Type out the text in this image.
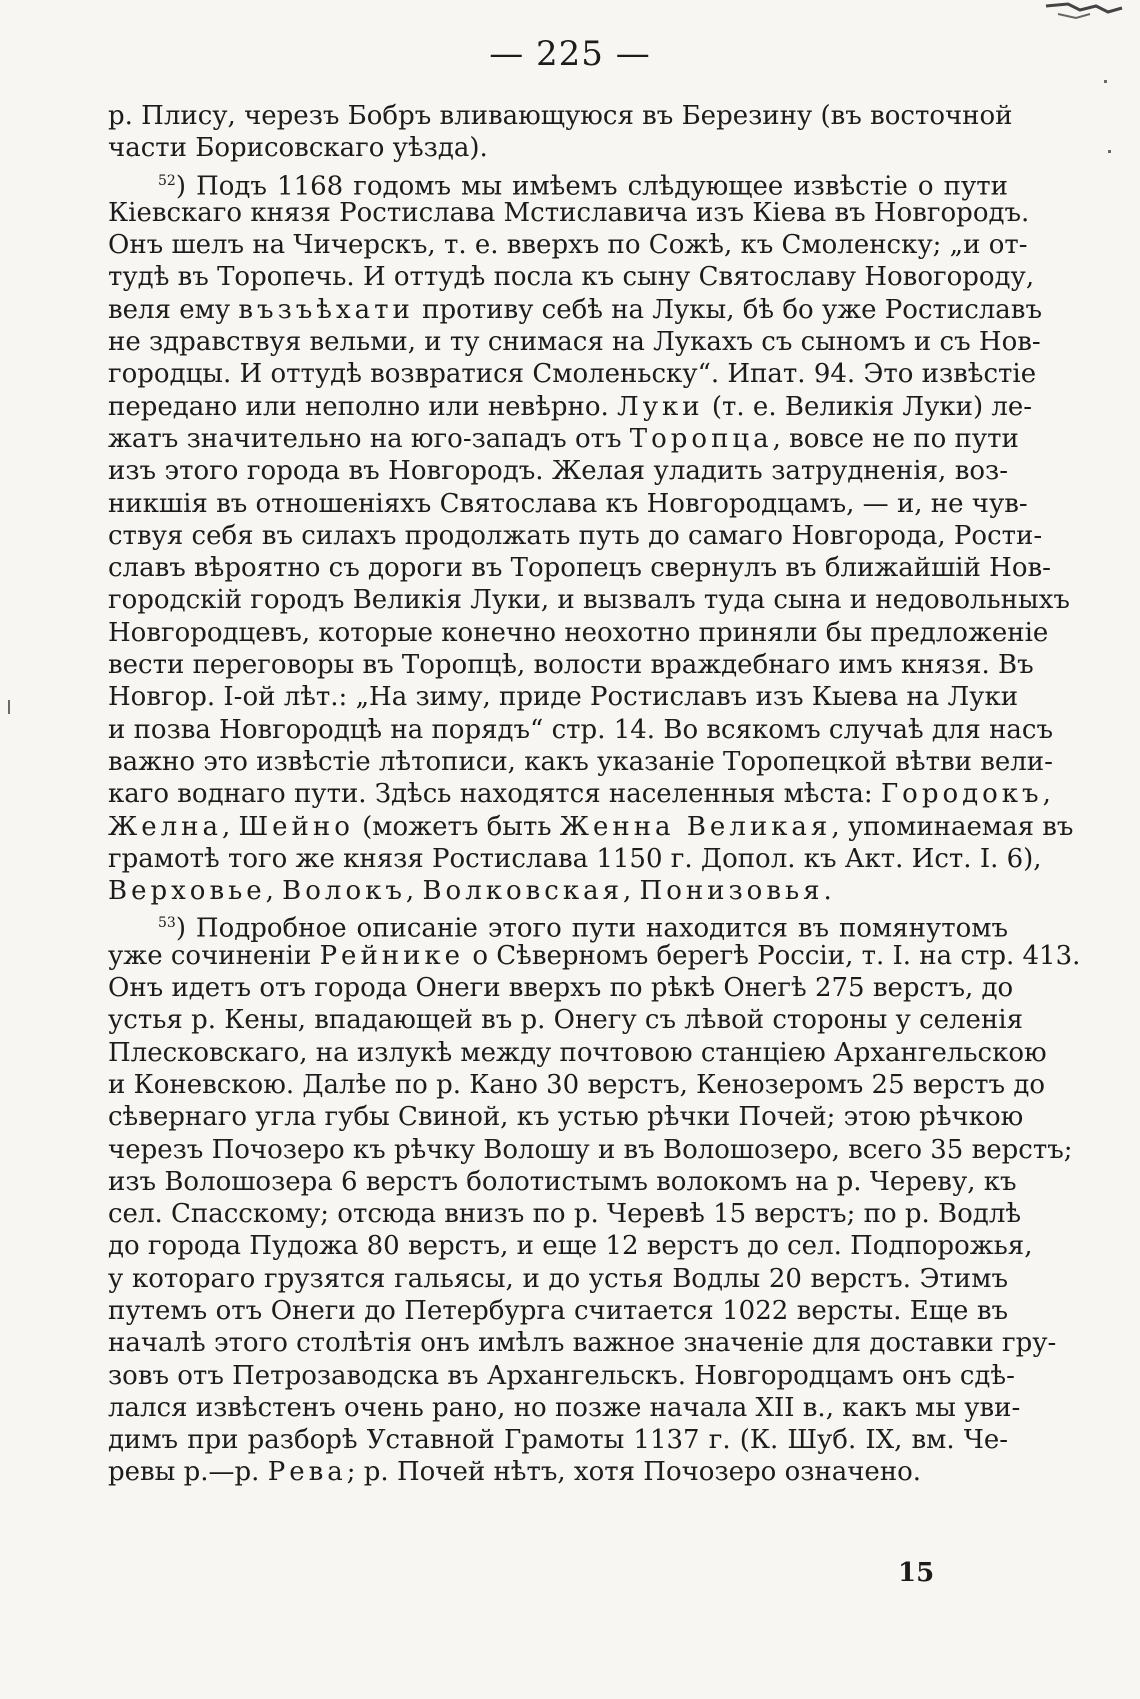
— 225 —
р. Плису, черезъ Бобръ вливающуюся въ Березину (въ восточной
части Борисовскаго уѣзда).
$^{52}$) Подъ 1168 годомъ мы имѣемъ слѣдующее извѣстіе о пути
Кіевскаго князя Ростислава Мстиславича изъ Кіева въ Новгородъ.
Онъ шелъ на Чичерскъ, т. е. вверхъ по Сожѣ, къ Смоленску; „и от-
тудѣ въ Торопечь. И оттудѣ посла къ сыну Святославу Новогороду,
веля ему възъѣхати противу себѣ на Лукы, бѣ бо уже Ростиславъ
не здравствуя вельми, и ту снимася на Лукахъ съ сыномъ и съ Нов-
городцы. И оттудѣ возвратися Смоленьску“. Ипат. 94. Это извѣстіе
передано или неполно или невѣрно. Луки (т. е. Великія Луки) ле-
жатъ значительно на юго-западъ отъ Торопца, вовсе не по пути
изъ этого города въ Новгородъ. Желая уладить затрудненія, воз-
никшія въ отношеніяхъ Святослава къ Новгородцамъ, — и, не чув-
ствуя себя въ силахъ продолжать путь до самаго Новгорода, Рости-
славъ вѣроятно съ дороги въ Торопецъ свернулъ въ ближайшій Нов-
городскій городъ Великія Луки, и вызвалъ туда сына и недовольныхъ
Новгородцевъ, которые конечно неохотно приняли бы предложеніе
вести переговоры въ Торопцѣ, волости враждебнаго имъ князя. Въ
Новгор. I-ой лѣт.: „На зиму, приде Ростиславъ изъ Кыева на Луки
и позва Новгородцѣ на порядъ“ стр. 14. Во всякомъ случаѣ для насъ
важно это извѣстіе лѣтописи, какъ указаніе Торопецкой вѣтви вели-
каго воднаго пути. Здѣсь находятся населенныя мѣста: Городокъ,
Желна, Шейно (можетъ быть Женна Великая, упоминаемая въ
грамотѣ того же князя Ростислава 1150 г. Допол. къ Акт. Ист. I. 6),
Верховье, Волокъ, Волковская, Понизовья.
$^{53}$) Подробное описаніе этого пути находится въ помянутомъ
уже сочиненіи Рейнике о Сѣверномъ берегѣ Россіи, т. I. на стр. 413.
Онъ идетъ отъ города Онеги вверхъ по рѣкѣ Онегѣ 275 верстъ, до
устья р. Кены, впадающей въ р. Онегу съ лѣвой стороны у селенія
Плесковскаго, на излукѣ между почтовою станціею Архангельскою
и Коневскою. Далѣе по р. Кано 30 верстъ, Кенозеромъ 25 верстъ до
сѣвернаго угла губы Свиной, къ устью рѣчки Почей; этою рѣчкою
черезъ Почозеро къ рѣчку Волошу и въ Волошозеро, всего 35 верстъ;
изъ Волошозера 6 верстъ болотистымъ волокомъ на р. Череву, къ
сел. Спасскому; отсюда внизъ по р. Черевѣ 15 верстъ; по р. Водлѣ
до города Пудожа 80 верстъ, и еще 12 верстъ до сел. Подпорожья,
у котораго грузятся гальясы, и до устья Водлы 20 верстъ. Этимъ
путемъ отъ Онеги до Петербурга считается 1022 версты. Еще въ
началѣ этого столѣтія онъ имѣлъ важное значеніе для доставки гру-
зовъ отъ Петрозаводска въ Архангельскъ. Новгородцамъ онъ сдѣ-
лался извѣстенъ очень рано, но позже начала XII в., какъ мы уви-
димъ при разборѣ Уставной Грамоты 1137 г. (К. Шуб. IX, вм. Че-
ревы р.—р. Рева; р. Почей нѣтъ, хотя Почозеро означено.
15
